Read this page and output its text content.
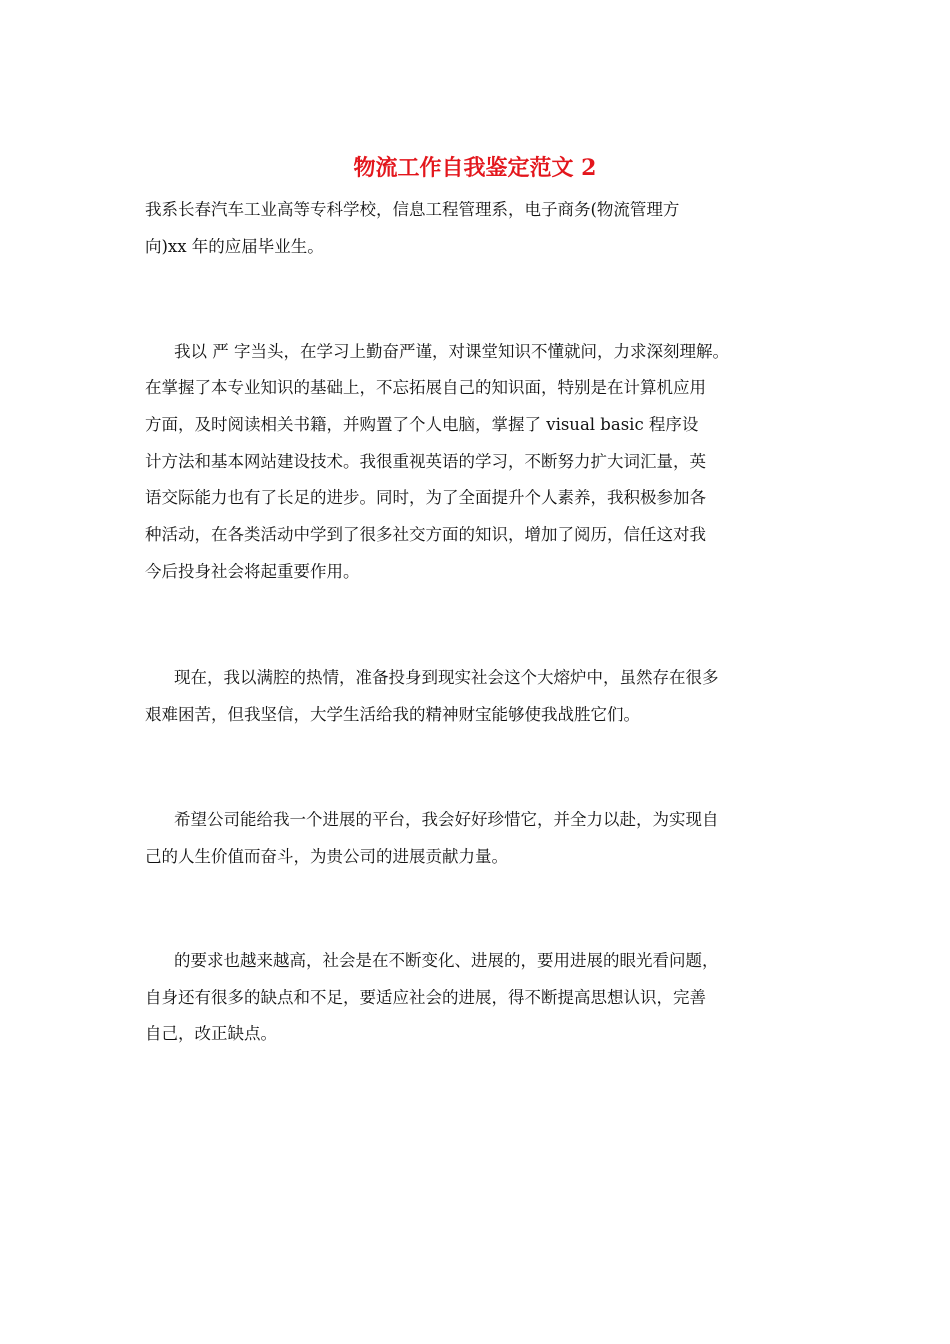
物流工作自我鉴定范文 2

我系长春汽车工业高等专科学校，信息工程管理系，电子商务(物流管理方

向)xx 年的应届毕业生。

我以 严 字当头，在学习上勤奋严谨，对课堂知识不懂就问，力求深刻理解。

在掌握了本专业知识的基础上，不忘拓展自己的知识面，特别是在计算机应用

方面，及时阅读相关书籍，并购置了个人电脑，掌握了 visual basic 程序设

计方法和基本网站建设技术。我很重视英语的学习，不断努力扩大词汇量，英

语交际能力也有了长足的进步。同时，为了全面提升个人素养，我积极参加各

种活动，在各类活动中学到了很多社交方面的知识，增加了阅历，信任这对我

今后投身社会将起重要作用。

现在，我以满腔的热情，准备投身到现实社会这个大熔炉中，虽然存在很多

艰难困苦，但我坚信，大学生活给我的精神财宝能够使我战胜它们。

希望公司能给我一个进展的平台，我会好好珍惜它，并全力以赴，为实现自

己的人生价值而奋斗，为贵公司的进展贡献力量。

的要求也越来越高，社会是在不断变化、进展的，要用进展的眼光看问题，

自身还有很多的缺点和不足，要适应社会的进展，得不断提高思想认识，完善

自己，改正缺点。
